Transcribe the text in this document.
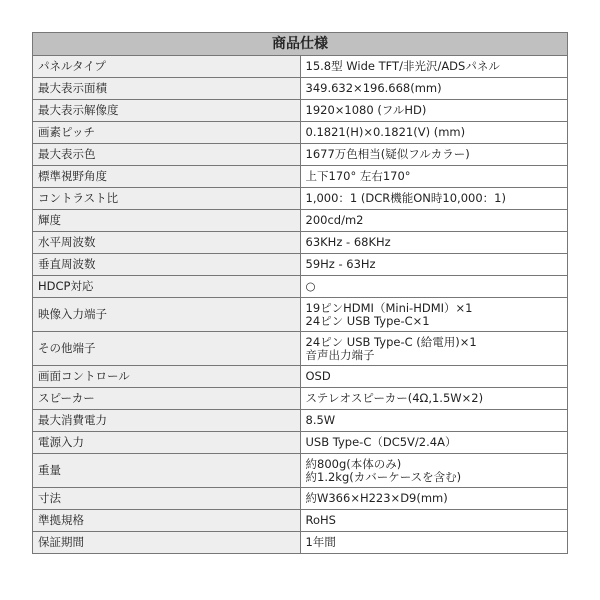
商品仕様	
パネルタイプ	15.8型 Wide TFT/非光沢/ADSパネル

最大表示面積	349.632×196.668(mm)

最大表示解像度	1920×1080 (フルHD)

画素ピッチ	0.1821(H)×0.1821(V) (mm)

最大表示色	1677万色相当(疑似フルカラー)

標準視野角度	上下170° 左右170°

コントラスト比	1,000：1 (DCR機能ON時10,000：1)

輝度	200cd/m2

水平周波数	63KHz - 68KHz

垂直周波数	59Hz - 63Hz

HDCP対応	○

映像入力端子	19ピンHDMI（Mini-HDMI）×1
24ピン USB Type-C×1

その他端子	24ピン USB Type-C (給電用)×1
音声出力端子

画面コントロール	OSD

スピーカー	ステレオスピーカー(4Ω,1.5W×2)

最大消費電力	8.5W

電源入力	USB Type-C（DC5V/2.4A）

重量	約800g(本体のみ)
約1.2kg(カバーケースを含む)

寸法	約W366×H223×D9(mm)

準拠規格	RoHS

保証期間	1年間
